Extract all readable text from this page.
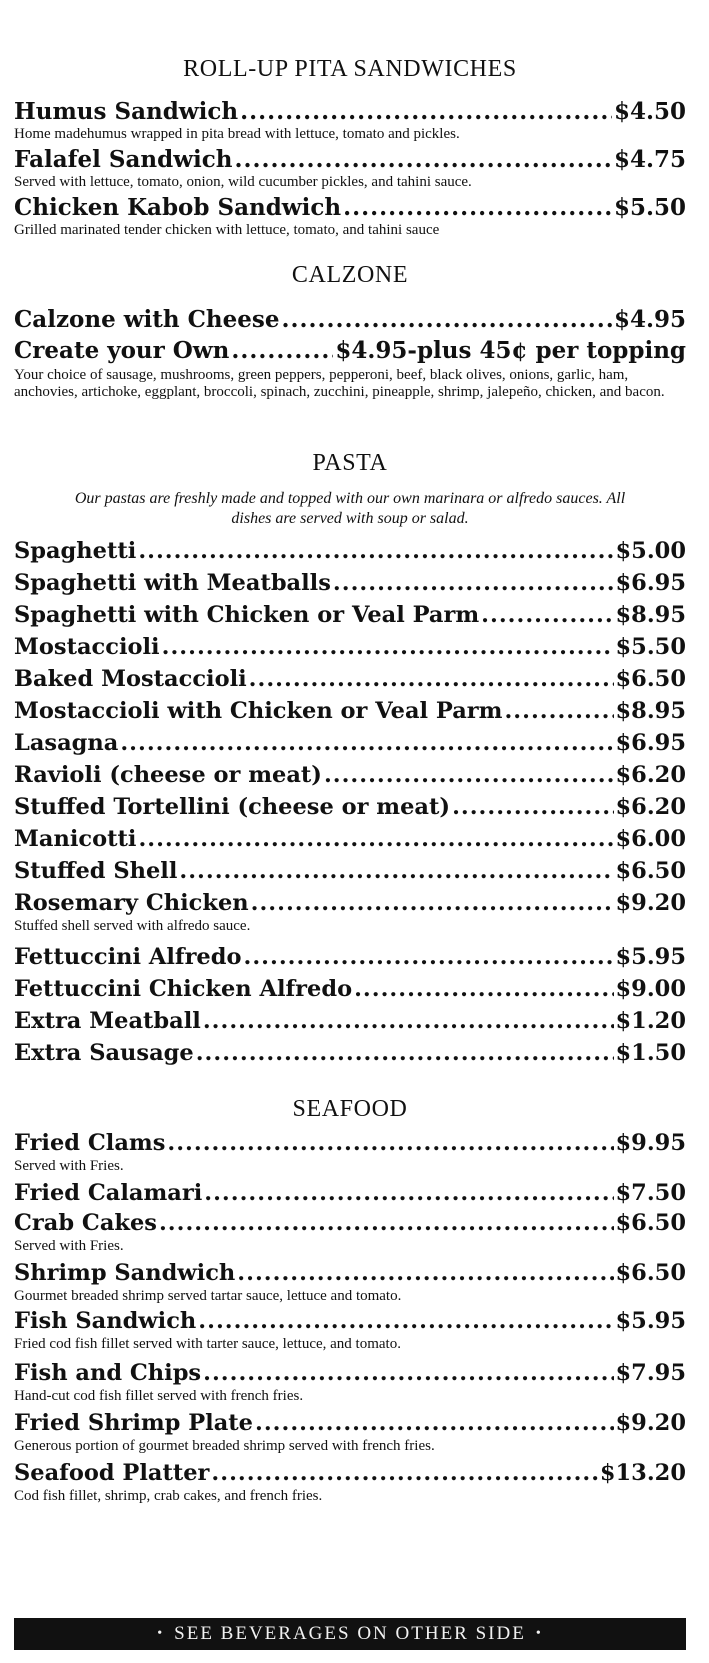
ROLL-UP PITA SANDWICHES
Humus Sandwich .....	$4.50
Home madehumus wrapped in pita bread with lettuce, tomato and pickles.
Falafel Sandwich .....	$4.75
Served with lettuce, tomato, onion, wild cucumber pickles, and tahini sauce.
Chicken Kabob Sandwich .....	$5.50
Grilled marinated tender chicken with lettuce, tomato, and tahini sauce
CALZONE
Calzone with Cheese .....	$4.95
Create your Own .....	$4.95-plus 45¢ per topping
Your choice of sausage, mushrooms, green peppers, pepperoni, beef, black olives, onions, garlic, ham, anchovies, artichoke, eggplant, broccoli, spinach, zucchini, pineapple, shrimp, jalepeño, chicken, and bacon.
PASTA
Our pastas are freshly made and topped with our own marinara or alfredo sauces. All dishes are served with soup or salad.
Spaghetti .....	$5.00
Spaghetti with Meatballs .....	$6.95
Spaghetti with Chicken or Veal Parm .....	$8.95
Mostaccioli .....	$5.50
Baked Mostaccioli .....	$6.50
Mostaccioli with Chicken or Veal Parm .....	$8.95
Lasagna .....	$6.95
Ravioli (cheese or meat) .....	$6.20
Stuffed Tortellini (cheese or meat) .....	$6.20
Manicotti .....	$6.00
Stuffed Shell .....	$6.50
Rosemary Chicken .....	$9.20
Stuffed shell served with alfredo sauce.
Fettuccini Alfredo .....	$5.95
Fettuccini Chicken Alfredo .....	$9.00
Extra Meatball .....	$1.20
Extra Sausage .....	$1.50
SEAFOOD
Fried Clams .....	$9.95
Served with Fries.
Fried Calamari .....	$7.50
Crab Cakes .....	$6.50
Served with Fries.
Shrimp Sandwich .....	$6.50
Gourmet breaded shrimp served tartar sauce, lettuce and tomato.
Fish Sandwich .....	$5.95
Fried cod fish fillet served with tarter sauce, lettuce, and tomato.
Fish and Chips .....	$7.95
Hand-cut cod fish fillet served with french fries.
Fried Shrimp Plate .....	$9.20
Generous portion of gourmet breaded shrimp served with french fries.
Seafood Platter .....	$13.20
Cod fish fillet, shrimp, crab cakes, and french fries.
• SEE BEVERAGES ON OTHER SIDE •
